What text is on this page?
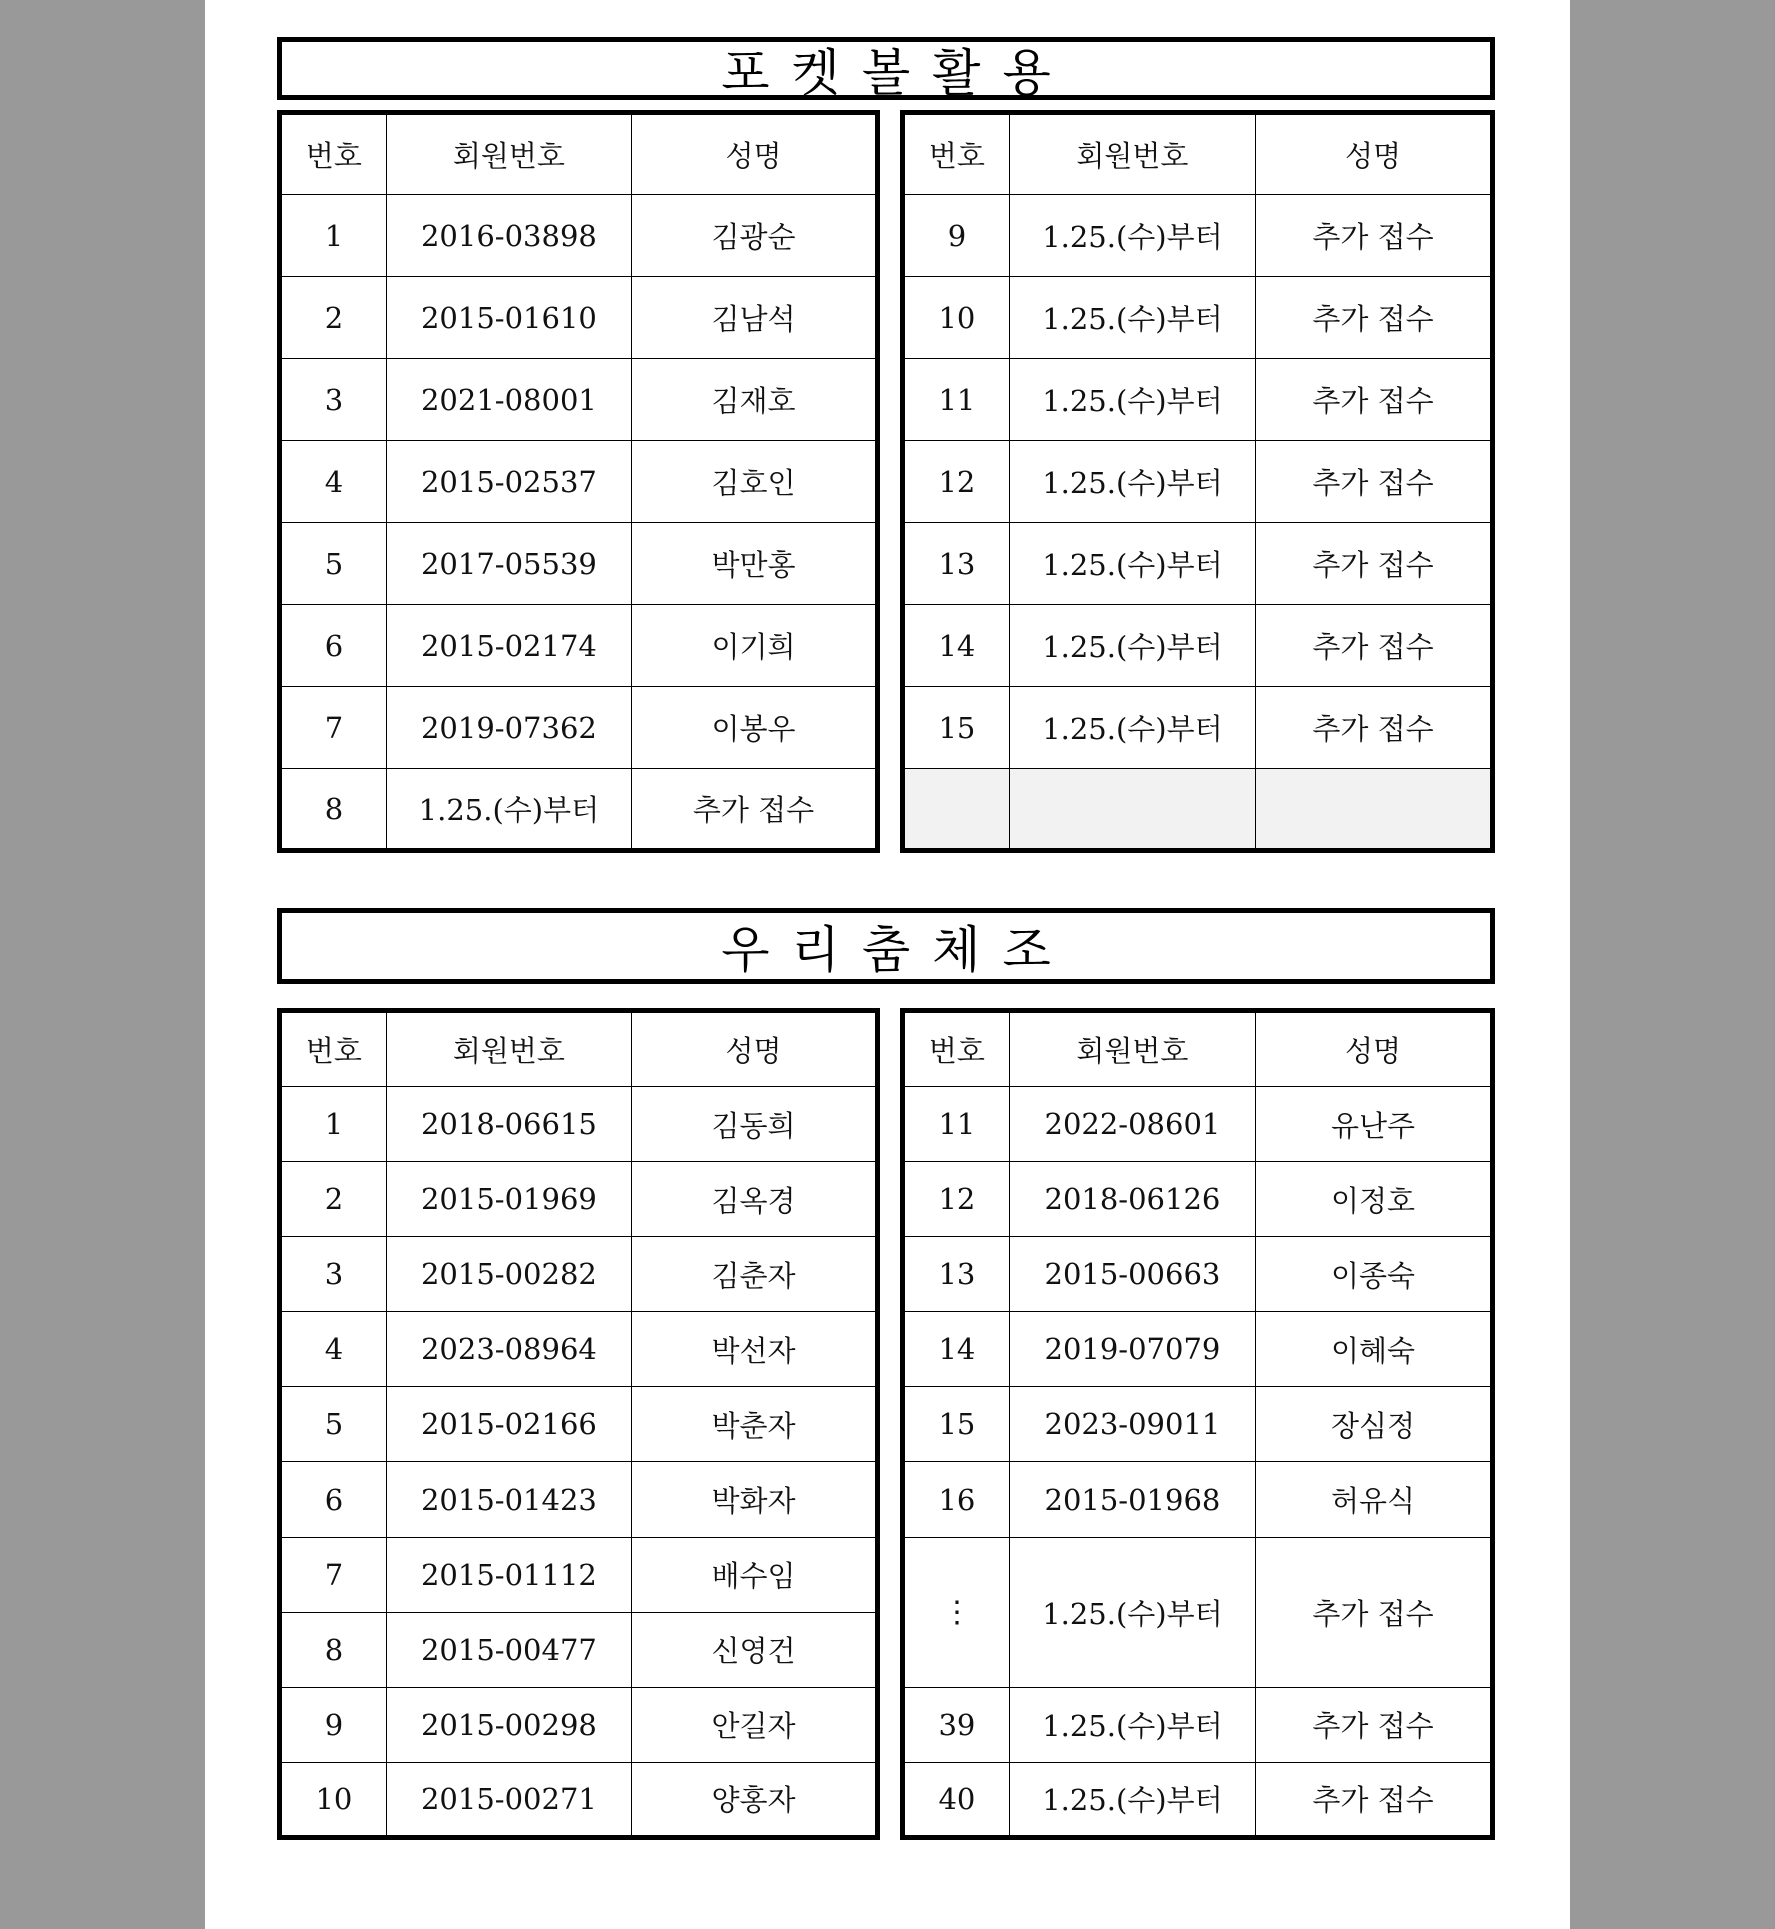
포켓볼활용
번호	회원번호	성명
1	2016-03898	김광순
2	2015-01610	김남석
3	2021-08001	김재호
4	2015-02537	김호인
5	2017-05539	박만홍
6	2015-02174	이기희
7	2019-07362	이봉우
8	1.25.(수)부터	추가 접수
번호	회원번호	성명
9	1.25.(수)부터	추가 접수
10	1.25.(수)부터	추가 접수
11	1.25.(수)부터	추가 접수
12	1.25.(수)부터	추가 접수
13	1.25.(수)부터	추가 접수
14	1.25.(수)부터	추가 접수
15	1.25.(수)부터	추가 접수

우리춤체조
번호	회원번호	성명
1	2018-06615	김동희
2	2015-01969	김옥경
3	2015-00282	김춘자
4	2023-08964	박선자
5	2015-02166	박춘자
6	2015-01423	박화자
7	2015-01112	배수임
8	2015-00477	신영건
9	2015-00298	안길자
10	2015-00271	양홍자
번호	회원번호	성명
11	2022-08601	유난주
12	2018-06126	이정호
13	2015-00663	이종숙
14	2019-07079	이혜숙
15	2023-09011	장심정
16	2015-01968	허유식
⋮	1.25.(수)부터	추가 접수
39	1.25.(수)부터	추가 접수
40	1.25.(수)부터	추가 접수
